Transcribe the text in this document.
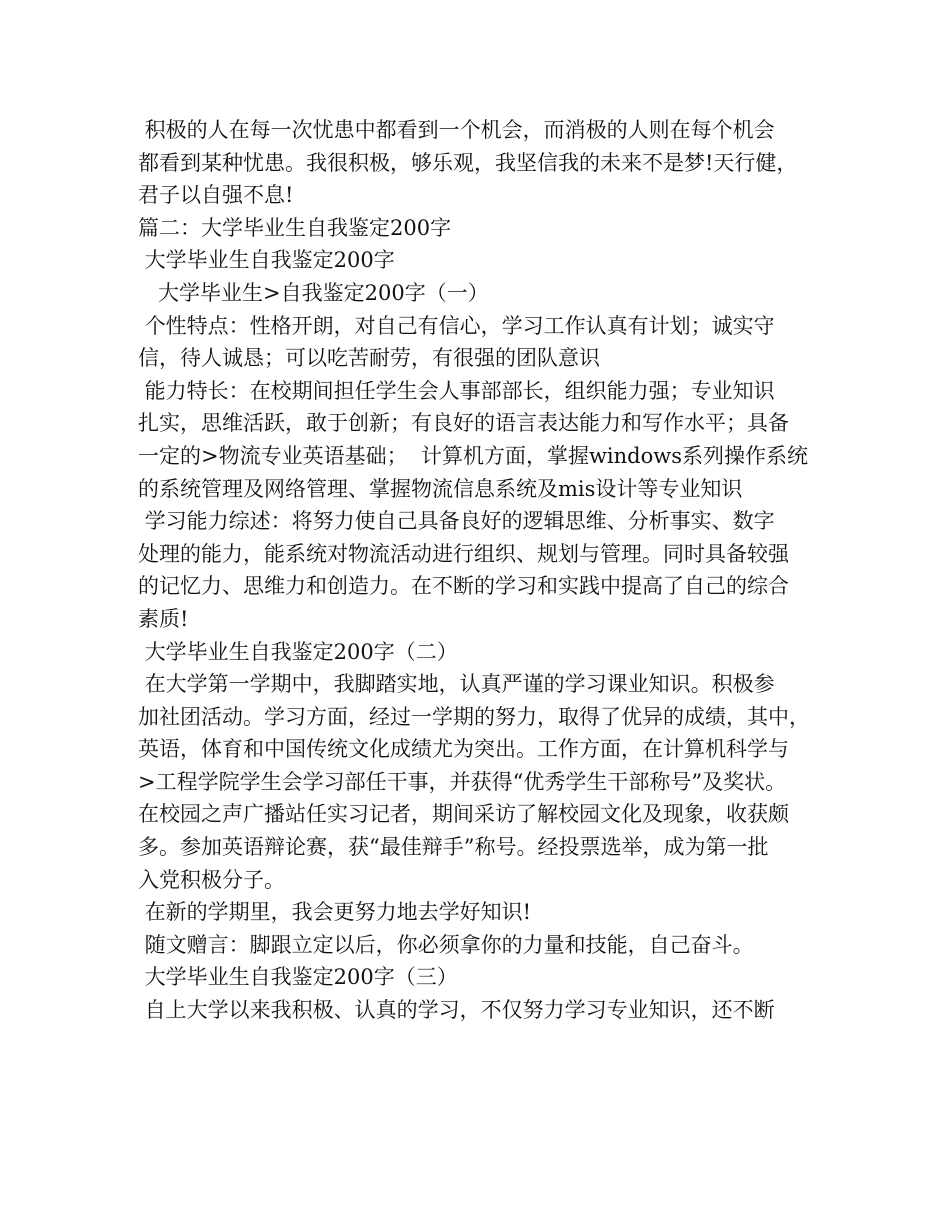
积极的人在每一次忧患中都看到一个机会，而消极的人则在每个机会
都看到某种忧患。我很积极，够乐观，我坚信我的未来不是梦!天行健，
君子以自强不息!
篇二：大学毕业生自我鉴定200字
大学毕业生自我鉴定200字
大学毕业生>自我鉴定200字（一）
个性特点：性格开朗，对自己有信心，学习工作认真有计划；诚实守
信，待人诚恳；可以吃苦耐劳，有很强的团队意识
能力特长：在校期间担任学生会人事部部长，组织能力强；专业知识
扎实，思维活跃，敢于创新；有良好的语言表达能力和写作水平；具备
一定的>物流专业英语基础；  计算机方面，掌握windows系列操作系统
的系统管理及网络管理、掌握物流信息系统及mis设计等专业知识
学习能力综述：将努力使自己具备良好的逻辑思维、分析事实、数字
处理的能力，能系统对物流活动进行组织、规划与管理。同时具备较强
的记忆力、思维力和创造力。在不断的学习和实践中提高了自己的综合
素质!
大学毕业生自我鉴定200字（二）
在大学第一学期中，我脚踏实地，认真严谨的学习课业知识。积极参
加社团活动。学习方面，经过一学期的努力，取得了优异的成绩，其中，
英语，体育和中国传统文化成绩尤为突出。工作方面，在计算机科学与
>工程学院学生会学习部任干事，并获得“优秀学生干部称号”及奖状。
在校园之声广播站任实习记者，期间采访了解校园文化及现象，收获颇
多。参加英语辩论赛，获“最佳辩手”称号。经投票选举，成为第一批
入党积极分子。
在新的学期里，我会更努力地去学好知识!
随文赠言：脚跟立定以后，你必须拿你的力量和技能，自己奋斗。
大学毕业生自我鉴定200字（三）
自上大学以来我积极、认真的学习，不仅努力学习专业知识，还不断
